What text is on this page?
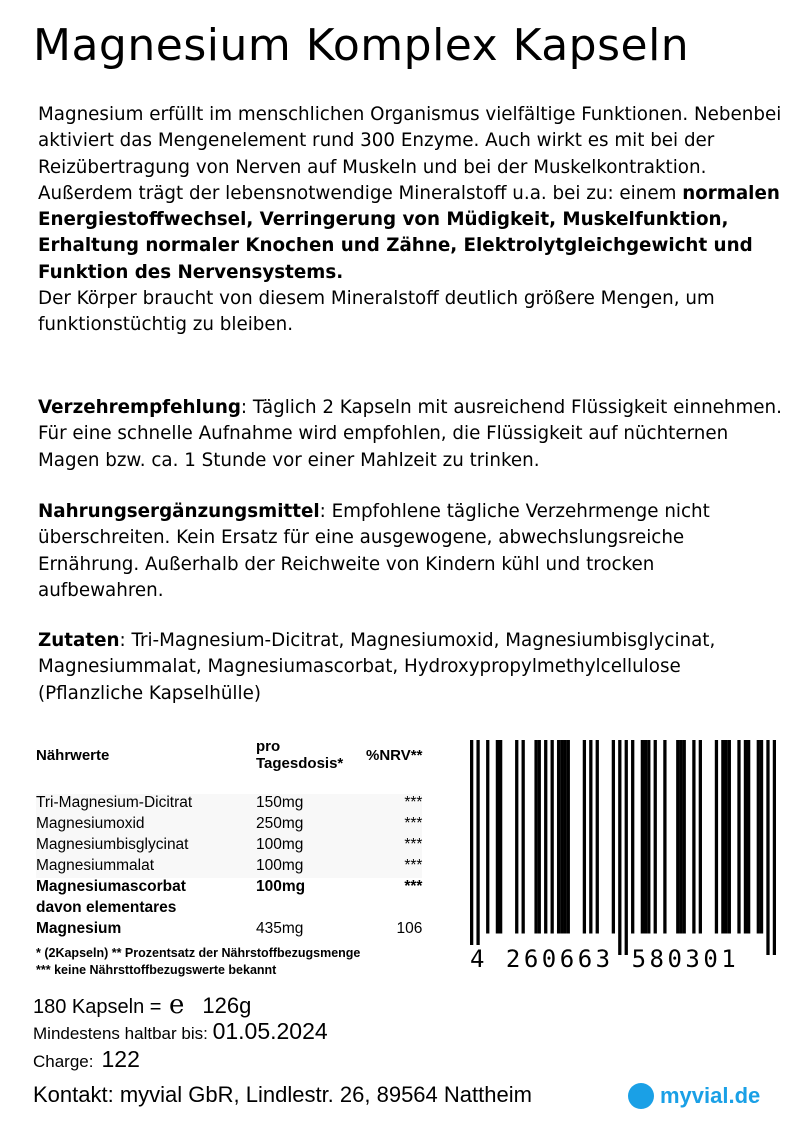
Magnesium Komplex Kapseln

Magnesium erfüllt im menschlichen Organismus vielfältige Funktionen. Nebenbei aktiviert das Mengenelement rund 300 Enzyme. Auch wirkt es mit bei der Reizübertragung von Nerven auf Muskeln und bei der Muskelkontraktion.
Außerdem trägt der lebensnotwendige Mineralstoff u.a. bei zu: einem normalen Energiestoffwechsel, Verringerung von Müdigkeit, Muskelfunktion, Erhaltung normaler Knochen und Zähne, Elektrolytgleichgewicht und Funktion des Nervensystems.
Der Körper braucht von diesem Mineralstoff deutlich größere Mengen, um funktionstüchtig zu bleiben.

Verzehrempfehlung: Täglich 2 Kapseln mit ausreichend Flüssigkeit einnehmen. Für eine schnelle Aufnahme wird empfohlen, die Flüssigkeit auf nüchternen Magen bzw. ca. 1 Stunde vor einer Mahlzeit zu trinken.

Nahrungsergänzungsmittel: Empfohlene tägliche Verzehrmenge nicht überschreiten. Kein Ersatz für eine ausgewogene, abwechslungsreiche Ernährung. Außerhalb der Reichweite von Kindern kühl und trocken aufbewahren.

Zutaten: Tri-Magnesium-Dicitrat, Magnesiumoxid, Magnesiumbisglycinat, Magnesiummalat, Magnesiumascorbat, Hydroxypropylmethylcellulose (Pflanzliche Kapselhülle)

Nährwerte	pro Tagesdosis*	%NRV**
Tri-Magnesium-Dicitrat	150mg	***
Magnesiumoxid	250mg	***
Magnesiumbisglycinat	100mg	***
Magnesiummalat	100mg	***
Magnesiumascorbat	100mg	***
davon elementares		
Magnesium	435mg	106
* (2Kapseln) ** Prozentsatz der Nährstoffbezugsmenge
*** keine Nährsttoffbezugswerte bekannt	4 260663 580301
180 Kapseln = e 126g
Mindestens haltbar bis: 01.05.2024
Charge: 122
Kontakt: myvial GbR, Lindlestr. 26, 89564 Nattheim	myvial.de
